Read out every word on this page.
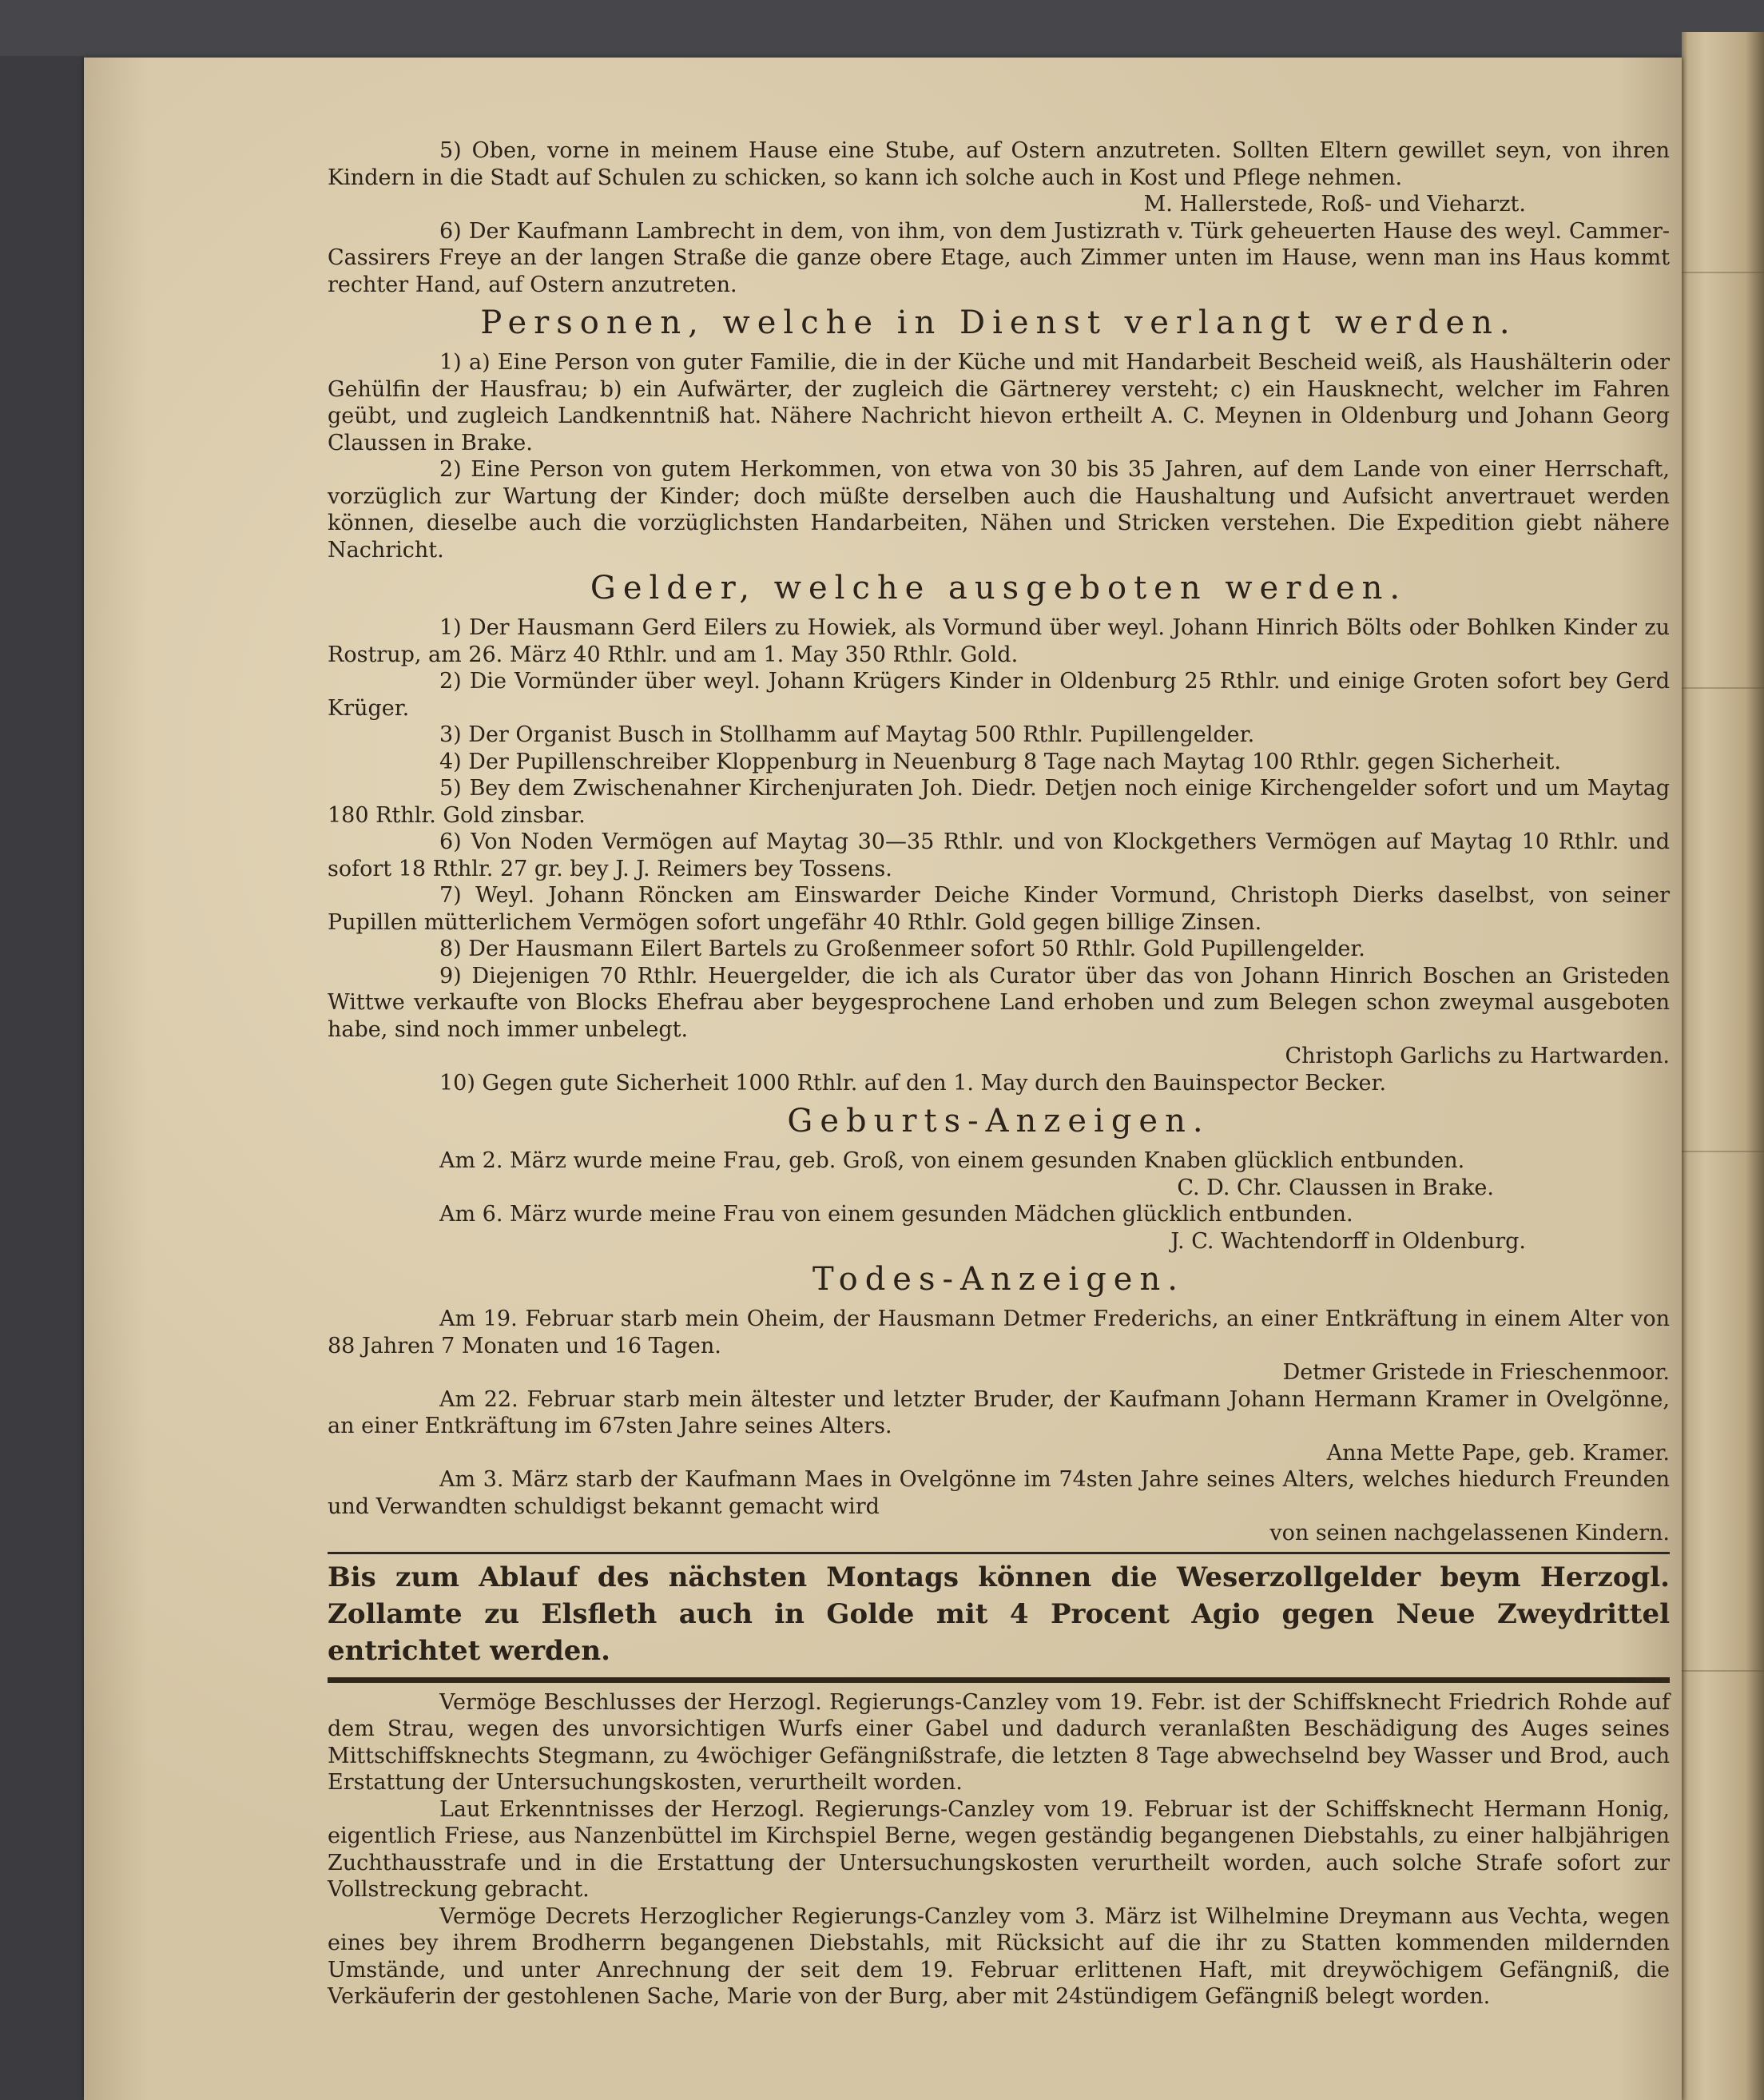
5) Oben, vorne in meinem Hause eine Stube, auf Ostern anzutreten. Sollten Eltern gewillet seyn, von ihren Kindern in die Stadt auf Schulen zu schicken, so kann ich solche auch in Kost und Pflege nehmen.

M. Hallerstede, Roß- und Vieharzt.

6) Der Kaufmann Lambrecht in dem, von ihm, von dem Justizrath v. Türk geheuerten Hause des weyl. Cammer-Cassirers Freye an der langen Straße die ganze obere Etage, auch Zimmer unten im Hause, wenn man ins Haus kommt rechter Hand, auf Ostern anzutreten.

Personen, welche in Dienst verlangt werden.

1) a) Eine Person von guter Familie, die in der Küche und mit Handarbeit Bescheid weiß, als Haushälterin oder Gehülfin der Hausfrau; b) ein Aufwärter, der zugleich die Gärtnerey versteht; c) ein Hausknecht, welcher im Fahren geübt, und zugleich Landkenntniß hat. Nähere Nachricht hievon ertheilt A. C. Meynen in Oldenburg und Johann Georg Claussen in Brake.

2) Eine Person von gutem Herkommen, von etwa von 30 bis 35 Jahren, auf dem Lande von einer Herrschaft, vorzüglich zur Wartung der Kinder; doch müßte derselben auch die Haushaltung und Aufsicht anvertrauet werden können, dieselbe auch die vorzüglichsten Handarbeiten, Nähen und Stricken verstehen. Die Expedition giebt nähere Nachricht.

Gelder, welche ausgeboten werden.

1) Der Hausmann Gerd Eilers zu Howiek, als Vormund über weyl. Johann Hinrich Bölts oder Bohlken Kinder zu Rostrup, am 26. März 40 Rthlr. und am 1. May 350 Rthlr. Gold.

2) Die Vormünder über weyl. Johann Krügers Kinder in Oldenburg 25 Rthlr. und einige Groten sofort bey Gerd Krüger.

3) Der Organist Busch in Stollhamm auf Maytag 500 Rthlr. Pupillengelder.

4) Der Pupillenschreiber Kloppenburg in Neuenburg 8 Tage nach Maytag 100 Rthlr. gegen Sicherheit.

5) Bey dem Zwischenahner Kirchenjuraten Joh. Diedr. Detjen noch einige Kirchengelder sofort und um Maytag 180 Rthlr. Gold zinsbar.

6) Von Noden Vermögen auf Maytag 30—35 Rthlr. und von Klockgethers Vermögen auf Maytag 10 Rthlr. und sofort 18 Rthlr. 27 gr. bey J. J. Reimers bey Tossens.

7) Weyl. Johann Röncken am Einswarder Deiche Kinder Vormund, Christoph Dierks daselbst, von seiner Pupillen mütterlichem Vermögen sofort ungefähr 40 Rthlr. Gold gegen billige Zinsen.

8) Der Hausmann Eilert Bartels zu Großenmeer sofort 50 Rthlr. Gold Pupillengelder.

9) Diejenigen 70 Rthlr. Heuergelder, die ich als Curator über das von Johann Hinrich Boschen an Gristeden Wittwe verkaufte von Blocks Ehefrau aber beygesprochene Land erhoben und zum Belegen schon zweymal ausgeboten habe, sind noch immer unbelegt.

Christoph Garlichs zu Hartwarden.

10) Gegen gute Sicherheit 1000 Rthlr. auf den 1. May durch den Bauinspector Becker.

Geburts-Anzeigen.

Am 2. März wurde meine Frau, geb. Groß, von einem gesunden Knaben glücklich entbunden.

C. D. Chr. Claussen in Brake.

Am 6. März wurde meine Frau von einem gesunden Mädchen glücklich entbunden.

J. C. Wachtendorff in Oldenburg.

Todes-Anzeigen.

Am 19. Februar starb mein Oheim, der Hausmann Detmer Frederichs, an einer Entkräftung in einem Alter von 88 Jahren 7 Monaten und 16 Tagen.

Detmer Gristede in Frieschenmoor.

Am 22. Februar starb mein ältester und letzter Bruder, der Kaufmann Johann Hermann Kramer in Ovelgönne, an einer Entkräftung im 67sten Jahre seines Alters.

Anna Mette Pape, geb. Kramer.

Am 3. März starb der Kaufmann Maes in Ovelgönne im 74sten Jahre seines Alters, welches hiedurch Freunden und Verwandten schuldigst bekannt gemacht wird

von seinen nachgelassenen Kindern.

Bis zum Ablauf des nächsten Montags können die Weserzollgelder beym Herzogl. Zollamte zu Elsfleth auch in Golde mit 4 Procent Agio gegen Neue Zweydrittel entrichtet werden.

Vermöge Beschlusses der Herzogl. Regierungs-Canzley vom 19. Febr. ist der Schiffsknecht Friedrich Rohde auf dem Strau, wegen des unvorsichtigen Wurfs einer Gabel und dadurch veranlaßten Beschädigung des Auges seines Mittschiffsknechts Stegmann, zu 4wöchiger Gefängnißstrafe, die letzten 8 Tage abwechselnd bey Wasser und Brod, auch Erstattung der Untersuchungskosten, verurtheilt worden.

Laut Erkenntnisses der Herzogl. Regierungs-Canzley vom 19. Februar ist der Schiffsknecht Hermann Honig, eigentlich Friese, aus Nanzenbüttel im Kirchspiel Berne, wegen geständig begangenen Diebstahls, zu einer halbjährigen Zuchthausstrafe und in die Erstattung der Untersuchungskosten verurtheilt worden, auch solche Strafe sofort zur Vollstreckung gebracht.

Vermöge Decrets Herzoglicher Regierungs-Canzley vom 3. März ist Wilhelmine Dreymann aus Vechta, wegen eines bey ihrem Brodherrn begangenen Diebstahls, mit Rücksicht auf die ihr zu Statten kommenden mildernden Umstände, und unter Anrechnung der seit dem 19. Februar erlittenen Haft, mit dreywöchigem Gefängniß, die Verkäuferin der gestohlenen Sache, Marie von der Burg, aber mit 24stündigem Gefängniß belegt worden.
